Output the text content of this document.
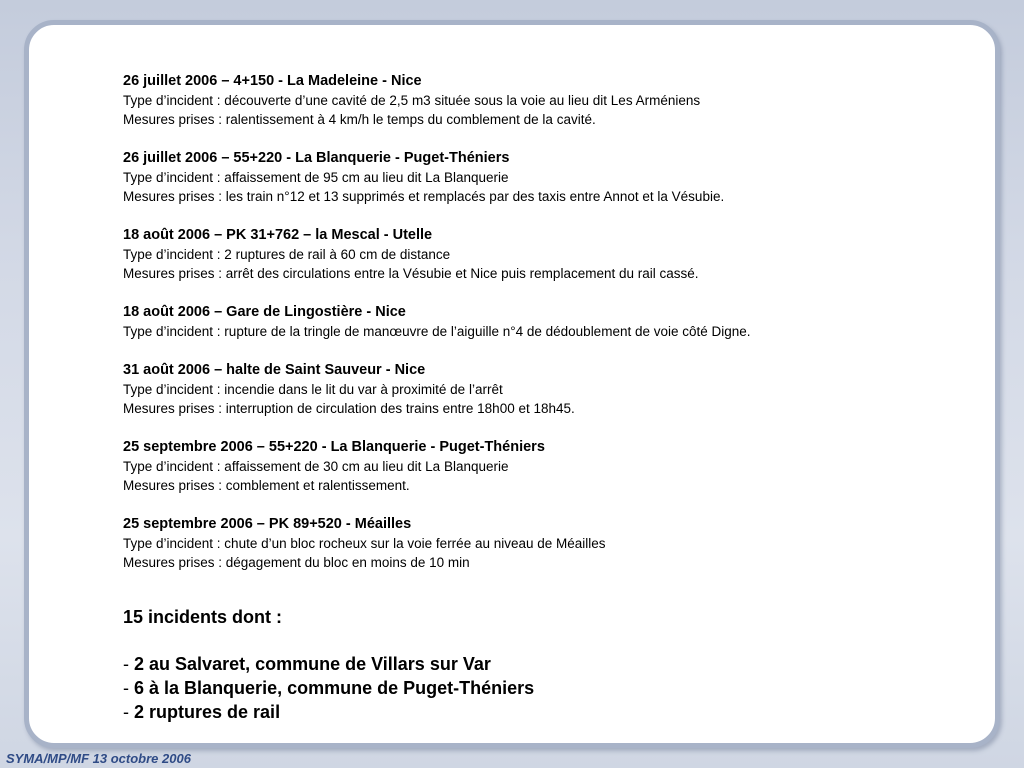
26 juillet 2006 – 4+150 - La Madeleine - Nice
Type d’incident : découverte d’une cavité de 2,5 m3 située sous la voie au lieu dit Les Arméniens
Mesures prises : ralentissement à 4 km/h le temps du comblement de la cavité.
26 juillet 2006 – 55+220 - La Blanquerie - Puget-Théniers
Type d’incident : affaissement de 95 cm au lieu dit La Blanquerie
Mesures prises : les train n°12 et 13 supprimés et remplacés par des taxis entre Annot et la Vésubie.
18 août 2006 – PK 31+762 – la Mescal - Utelle
Type d’incident : 2 ruptures de rail à 60 cm de distance
Mesures prises : arrêt des circulations entre la Vésubie et Nice puis remplacement du rail cassé.
18 août 2006 – Gare de Lingostière - Nice
Type d’incident : rupture de la tringle de manœuvre de l’aiguille n°4 de dédoublement de voie côté Digne.
31 août 2006 – halte de Saint Sauveur - Nice
Type d’incident : incendie dans le lit du var à proximité de l’arrêt
Mesures prises : interruption de circulation des trains entre 18h00 et 18h45.
25 septembre 2006 – 55+220 - La Blanquerie - Puget-Théniers
Type d’incident : affaissement de 30 cm au lieu dit La Blanquerie
Mesures prises : comblement et ralentissement.
25 septembre 2006 – PK 89+520 - Méailles
Type d’incident : chute d’un bloc rocheux sur la voie ferrée au niveau de Méailles
Mesures prises : dégagement du bloc en moins de 10 min
15 incidents dont :
- 2 au Salvaret, commune de Villars sur Var
- 6 à la Blanquerie, commune de Puget-Théniers
- 2 ruptures de rail
SYMA/MP/MF 13 octobre 2006
